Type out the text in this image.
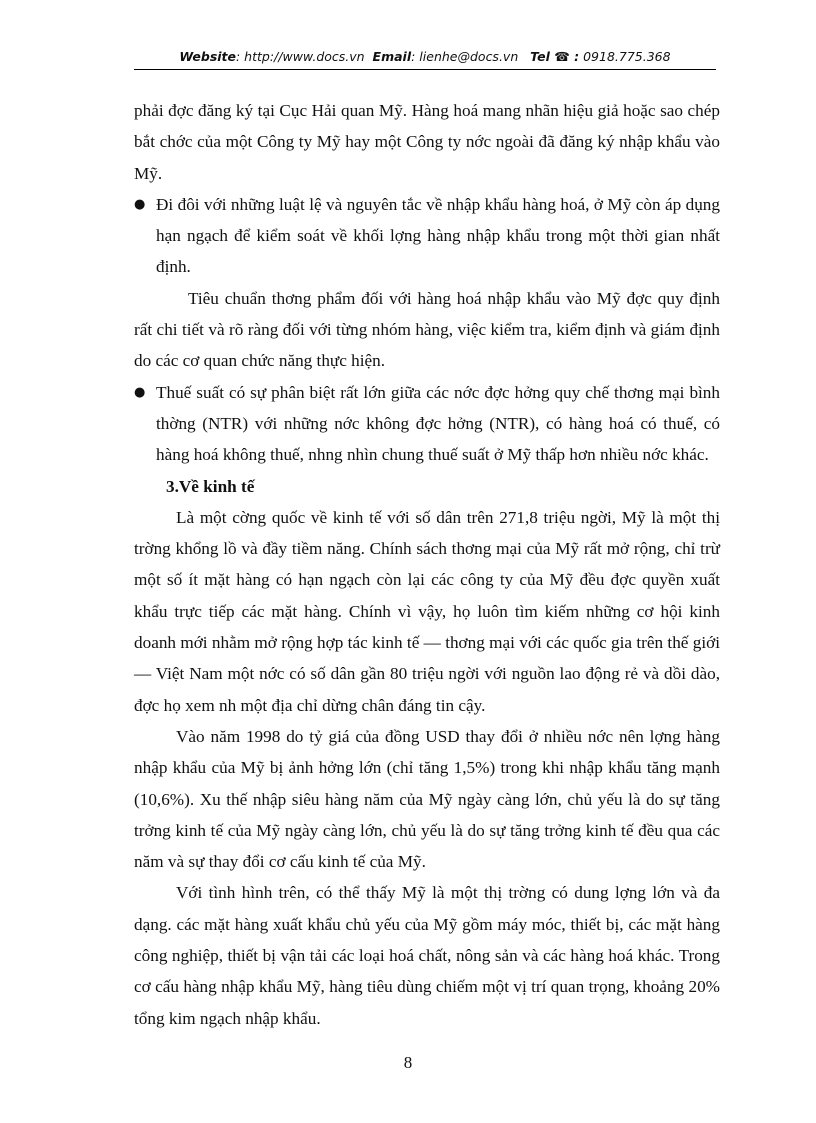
Website: http://www.docs.vn Email: lienhe@docs.vn Tel ☎ : 0918.775.368

phải đợc đăng ký tại Cục Hải quan Mỹ. Hàng hoá mang nhãn hiệu giả hoặc sao chép bắt chớc của một Công ty Mỹ hay một Công ty nớc ngoài đã đăng ký nhập khẩu vào Mỹ.

● Đi đôi với những luật lệ và nguyên tắc về nhập khẩu hàng hoá, ở Mỹ còn áp dụng hạn ngạch để kiểm soát về khối lợng hàng nhập khẩu trong một thời gian nhất định.

Tiêu chuẩn thơng phẩm đối với hàng hoá nhập khẩu vào Mỹ đợc quy định rất chi tiết và rõ ràng đối với từng nhóm hàng, việc kiểm tra, kiểm định và giám định do các cơ quan chức năng thực hiện.

● Thuế suất có sự phân biệt rất lớn giữa các nớc đợc hởng quy chế thơng mại bình thờng (NTR) với những nớc không đợc hởng (NTR), có hàng hoá có thuế, có hàng hoá không thuế, nhng nhìn chung thuế suất ở Mỹ thấp hơn nhiều nớc khác.

3.Về kinh tế

Là một cờng quốc về kinh tế với số dân trên 271,8 triệu ngời, Mỹ là một thị trờng khổng lồ và đầy tiềm năng. Chính sách thơng mại của Mỹ rất mở rộng, chỉ trừ một số ít mặt hàng có hạn ngạch còn lại các công ty của Mỹ đều đợc quyền xuất khẩu trực tiếp các mặt hàng. Chính vì vậy, họ luôn tìm kiếm những cơ hội kinh doanh mới nhằm mở rộng hợp tác kinh tế — thơng mại với các quốc gia trên thế giới — Việt Nam một nớc có số dân gần 80 triệu ngời với nguồn lao động rẻ và dồi dào, đợc họ xem nh một địa chỉ dừng chân đáng tin cậy.

Vào năm 1998 do tỷ giá của đồng USD thay đổi ở nhiều nớc nên lợng hàng nhập khẩu của Mỹ bị ảnh hởng lớn (chỉ tăng 1,5%) trong khi nhập khẩu tăng mạnh (10,6%). Xu thế nhập siêu hàng năm của Mỹ ngày càng lớn, chủ yếu là do sự tăng trởng kinh tế của Mỹ ngày càng lớn, chủ yếu là do sự tăng trởng kinh tế đều qua các năm và sự thay đổi cơ cấu kinh tế của Mỹ.

Với tình hình trên, có thể thấy Mỹ là một thị trờng có dung lợng lớn và đa dạng. các mặt hàng xuất khẩu chủ yếu của Mỹ gồm máy móc, thiết bị, các mặt hàng công nghiệp, thiết bị vận tải các loại hoá chất, nông sản và các hàng hoá khác. Trong cơ cấu hàng nhập khẩu Mỹ, hàng tiêu dùng chiếm một vị trí quan trọng, khoảng 20% tổng kim ngạch nhập khẩu.

8
